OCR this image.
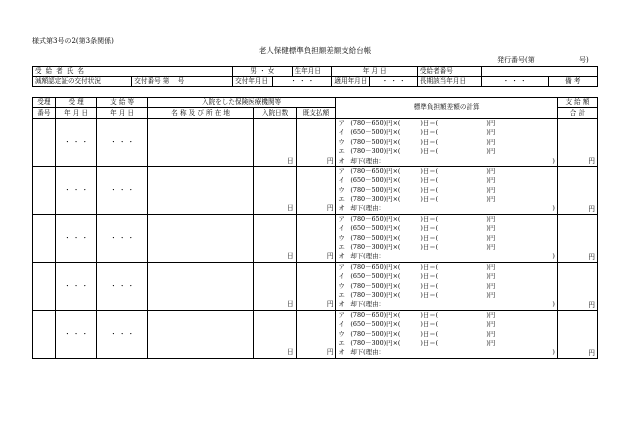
様式第3号の2(第3条関係)
老人保健標準負担額差額支給台帳
発行番号(第	号)
受給者氏名		男 ・ 女		生年月日	年 月 日		受給者番号		
減額認定証の交付状況	交付番号 第 号	交付年月日	・ ・ ・		適用年月日	・ ・ ・	長期該当年月日	・ ・ ・	備 考
受理	受 理	支 給 等	入院をした保険医療機関等			標準負担額差額の計算	支 給 額
番号	年 月 日	年 月 日	名 称 及 び 所 在 地	入院日数	既支払額		合 計
	・ ・ ・	・ ・ ・				ア (780－650)円×( )日＝( )円	円
						イ (650－500)円×( )日＝( )円	
						ウ (780－500)円×( )日＝( )円	
						エ (780－300)円×( )日＝( )円	
				日	円	オ 却下(理由： )	
	・ ・ ・	・ ・ ・				ア (780－650)円×( )日＝( )円	円
						イ (650－500)円×( )日＝( )円	
						ウ (780－500)円×( )日＝( )円	
						エ (780－300)円×( )日＝( )円	
				日	円	オ 却下(理由： )	
	・ ・ ・	・ ・ ・				ア (780－650)円×( )日＝( )円	円
						イ (650－500)円×( )日＝( )円	
						ウ (780－500)円×( )日＝( )円	
						エ (780－300)円×( )日＝( )円	
				日	円	オ 却下(理由： )	
	・ ・ ・	・ ・ ・				ア (780－650)円×( )日＝( )円	円
						イ (650－500)円×( )日＝( )円	
						ウ (780－500)円×( )日＝( )円	
						エ (780－300)円×( )日＝( )円	
				日	円	オ 却下(理由： )	
	・ ・ ・	・ ・ ・				ア (780－650)円×( )日＝( )円	円
						イ (650－500)円×( )日＝( )円	
						ウ (780－500)円×( )日＝( )円	
						エ (780－300)円×( )日＝( )円	
				日	円	オ 却下(理由： )	
